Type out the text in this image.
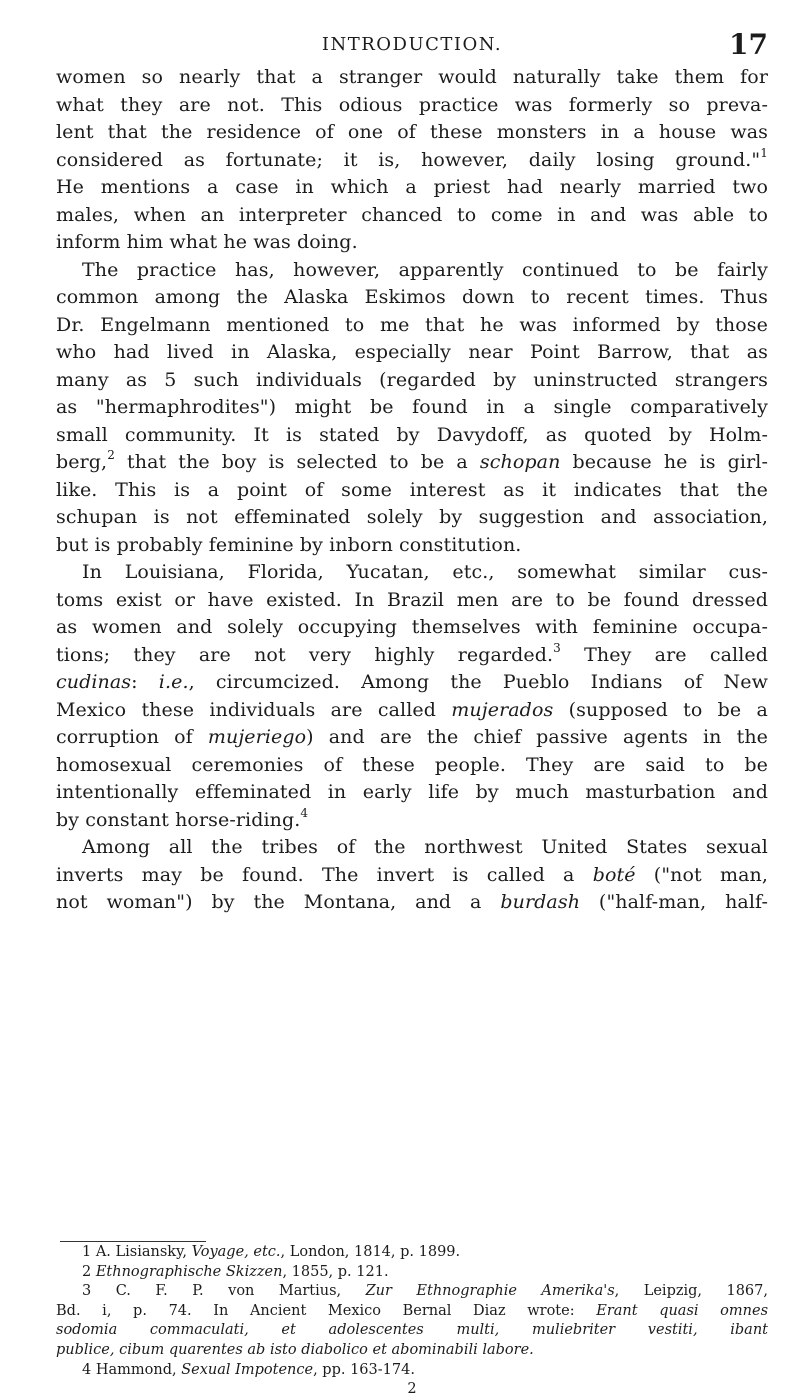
INTRODUCTION.	17
women so nearly that a stranger would naturally take them for
what they are not. This odious practice was formerly so preva-
lent that the residence of one of these monsters in a house was
considered as fortunate; it is, however, daily losing ground."$^1$
He mentions a case in which a priest had nearly married two
males, when an interpreter chanced to come in and was able to
inform him what he was doing.
The practice has, however, apparently continued to be fairly
common among the Alaska Eskimos down to recent times. Thus
Dr. Engelmann mentioned to me that he was informed by those
who had lived in Alaska, especially near Point Barrow, that as
many as 5 such individuals (regarded by uninstructed strangers
as "hermaphrodites") might be found in a single comparatively
small community. It is stated by Davydoff, as quoted by Holm-
berg,$^2$ that the boy is selected to be a schopan because he is girl-
like. This is a point of some interest as it indicates that the
schupan is not effeminated solely by suggestion and association,
but is probably feminine by inborn constitution.
In Louisiana, Florida, Yucatan, etc., somewhat similar cus-
toms exist or have existed. In Brazil men are to be found dressed
as women and solely occupying themselves with feminine occupa-
tions; they are not very highly regarded.$^3$ They are called
cudinas: i.e., circumcized. Among the Pueblo Indians of New
Mexico these individuals are called mujerados (supposed to be a
corruption of mujeriego) and are the chief passive agents in the
homosexual ceremonies of these people. They are said to be
intentionally effeminated in early life by much masturbation and
by constant horse-riding.$^4$
Among all the tribes of the northwest United States sexual
inverts may be found. The invert is called a boté ("not man,
not woman") by the Montana, and a burdash ("half-man, half-
1 A. Lisiansky, Voyage, etc., London, 1814, p. 1899.
2 Ethnographische Skizzen, 1855, p. 121.
3 C. F. P. von Martius, Zur Ethnographie Amerika's, Leipzig, 1867,
Bd. i, p. 74. In Ancient Mexico Bernal Diaz wrote: Erant quasi omnes
sodomia commaculati, et adolescentes multi, muliebriter vestiti, ibant
publice, cibum quarentes ab isto diabolico et abominabili labore.
4 Hammond, Sexual Impotence, pp. 163-174.
2
